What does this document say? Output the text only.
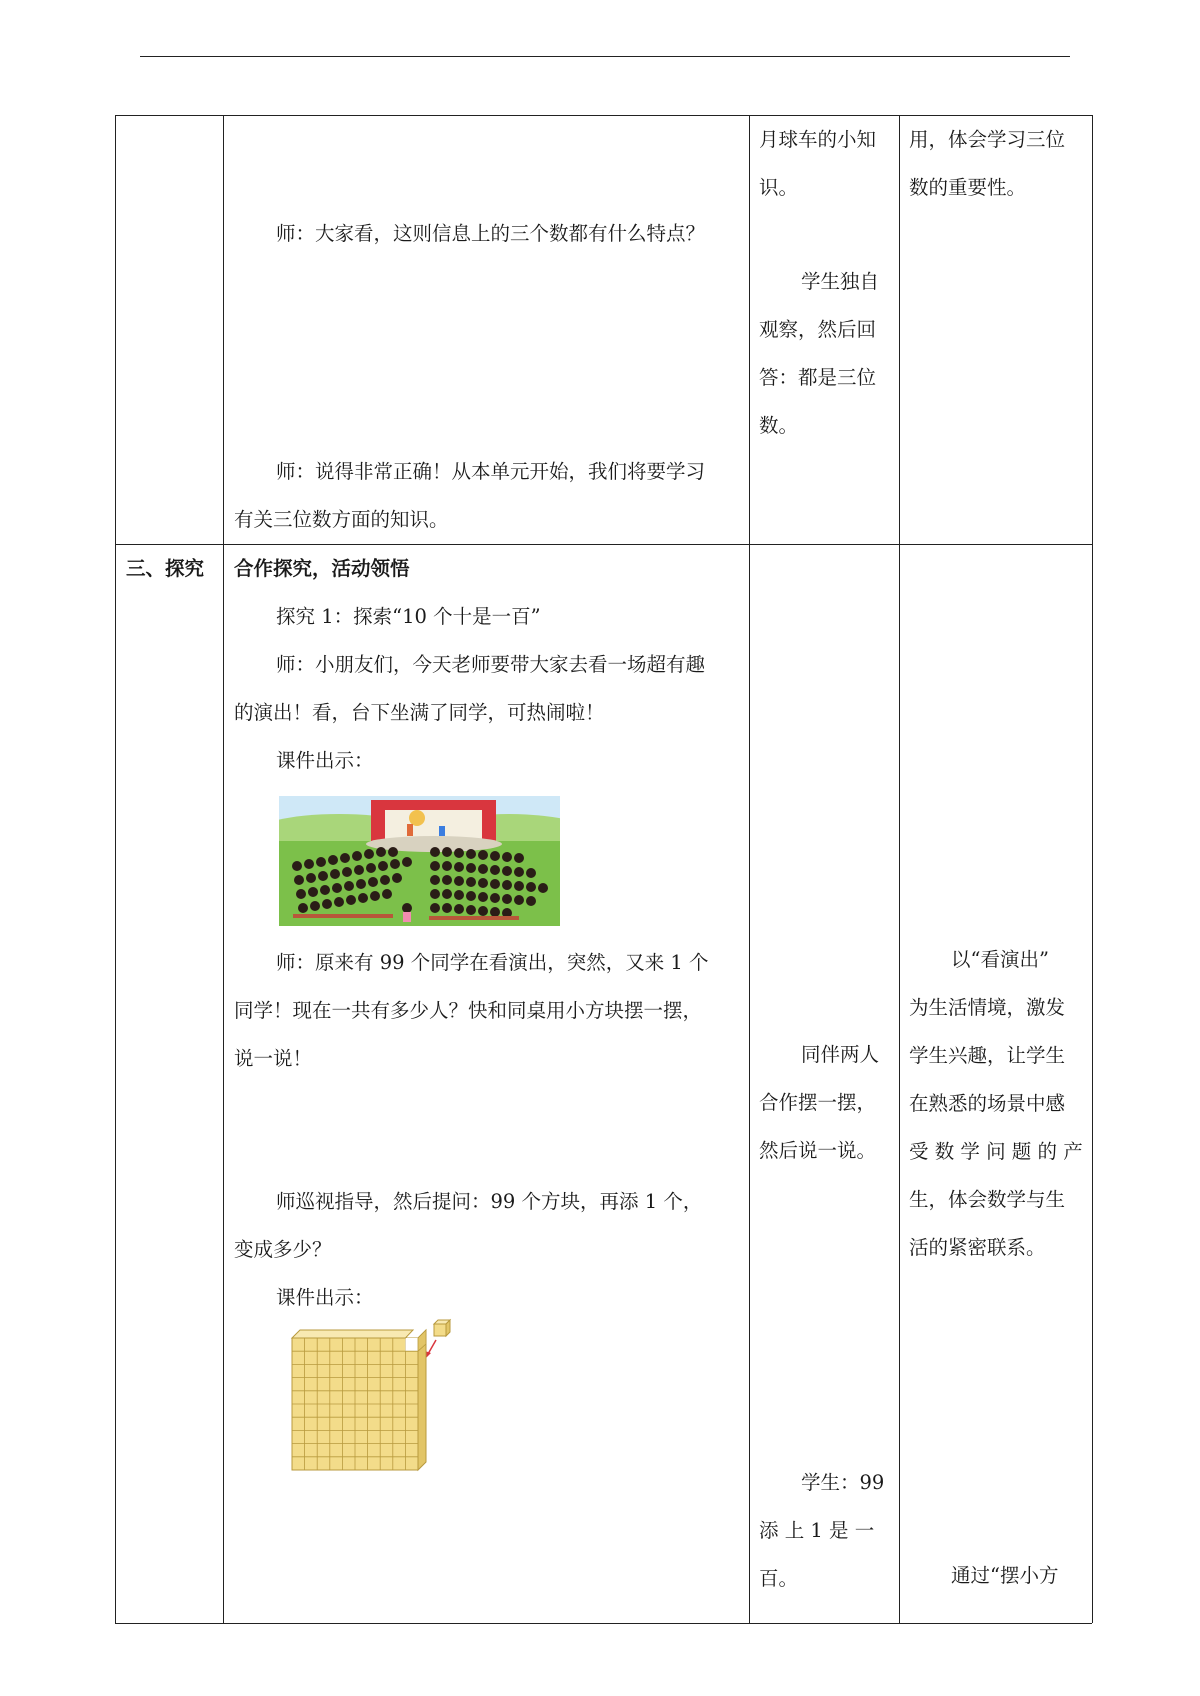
师：大家看，这则信息上的三个数都有什么特点？
师：说得非常正确！从本单元开始，我们将要学习
有关三位数方面的知识。
月球车的小知
识。
学生独自
观察，然后回
答：都是三位
数。
用，体会学习三位
数的重要性。
三、探究 合作探究，活动领悟
探究 1：探索“10 个十是一百”
师：小朋友们，今天老师要带大家去看一场超有趣
的演出！看，台下坐满了同学，可热闹啦！
课件出示：
师：原来有 99 个同学在看演出，突然，又来 1 个
同学！现在一共有多少人？快和同桌用小方块摆一摆，
说一说！
师巡视指导，然后提问：99 个方块，再添 1 个，
变成多少？
课件出示：
同伴两人
合作摆一摆，
然后说一说。
学生：99
添 上 1 是 一
百。
以“看演出”
为生活情境，激发
学生兴趣，让学生
在熟悉的场景中感
受 数 学 问 题 的 产
生，体会数学与生
活的紧密联系。
通过“摆小方
